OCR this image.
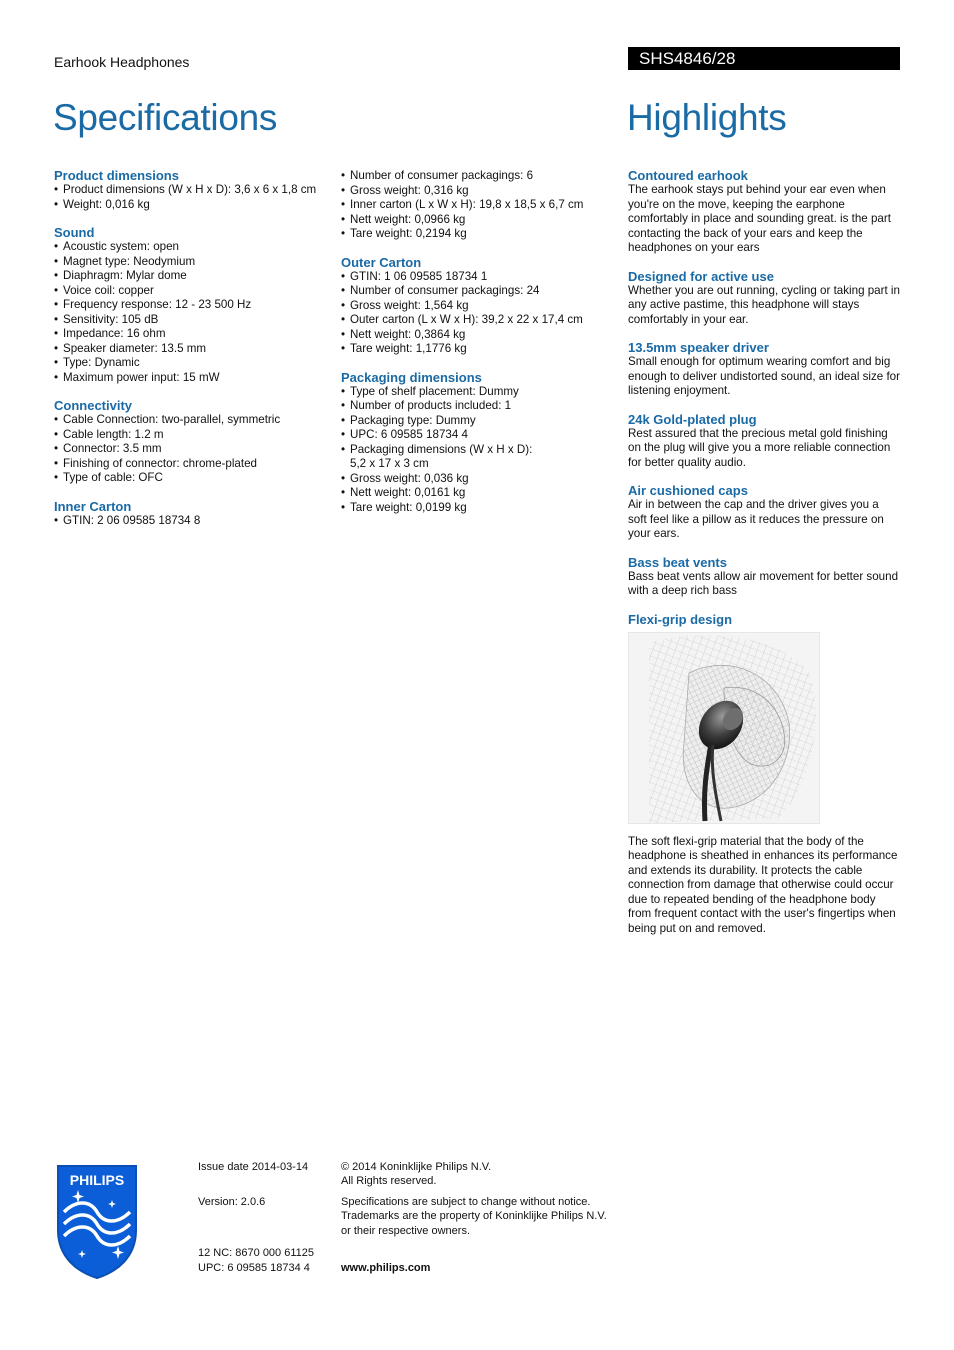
Earhook Headphones	SHS4846/28
Specifications	Highlights
Product dimensions
• Product dimensions (W x H x D): 3,6 x 6 x 1,8 cm
• Weight: 0,016 kg
Sound
• Acoustic system: open
• Magnet type: Neodymium
• Diaphragm: Mylar dome
• Voice coil: copper
• Frequency response: 12 - 23 500 Hz
• Sensitivity: 105 dB
• Impedance: 16 ohm
• Speaker diameter: 13.5 mm
• Type: Dynamic
• Maximum power input: 15 mW
Connectivity
• Cable Connection: two-parallel, symmetric
• Cable length: 1.2 m
• Connector: 3.5 mm
• Finishing of connector: chrome-plated
• Type of cable: OFC
Inner Carton
• GTIN: 2 06 09585 18734 8
• Number of consumer packagings: 6
• Gross weight: 0,316 kg
• Inner carton (L x W x H): 19,8 x 18,5 x 6,7 cm
• Nett weight: 0,0966 kg
• Tare weight: 0,2194 kg
Outer Carton
• GTIN: 1 06 09585 18734 1
• Number of consumer packagings: 24
• Gross weight: 1,564 kg
• Outer carton (L x W x H): 39,2 x 22 x 17,4 cm
• Nett weight: 0,3864 kg
• Tare weight: 1,1776 kg
Packaging dimensions
• Type of shelf placement: Dummy
• Number of products included: 1
• Packaging type: Dummy
• UPC: 6 09585 18734 4
• Packaging dimensions (W x H x D): 5,2 x 17 x 3 cm
• Gross weight: 0,036 kg
• Nett weight: 0,0161 kg
• Tare weight: 0,0199 kg
Contoured earhook

The earhook stays put behind your ear even when you're on the move, keeping the earphone comfortably in place and sounding great. is the part contacting the back of your ears and keep the headphones on your ears

Designed for active use

Whether you are out running, cycling or taking part in any active pastime, this headphone will stays comfortably in your ear.

13.5mm speaker driver

Small enough for optimum wearing comfort and big enough to deliver undistorted sound, an ideal size for listening enjoyment.

24k Gold-plated plug

Rest assured that the precious metal gold finishing on the plug will give you a more reliable connection for better quality audio.

Air cushioned caps

Air in between the cap and the driver gives you a soft feel like a pillow as it reduces the pressure on your ears.

Bass beat vents

Bass beat vents allow air movement for better sound with a deep rich bass

Flexi-grip design

The soft flexi-grip material that the body of the headphone is sheathed in enhances its performance and extends its durability. It protects the cable connection from damage that otherwise could occur due to repeated bending of the headphone body from frequent contact with the user's fingertips when being put on and removed.

PHILIPS
Issue date 2014-03-14
Version: 2.0.6
12 NC: 8670 000 61125
UPC: 6 09585 18734 4
© 2014 Koninklijke Philips N.V.
All Rights reserved.
Specifications are subject to change without notice.
Trademarks are the property of Koninklijke Philips N.V.
or their respective owners.
www.philips.com
